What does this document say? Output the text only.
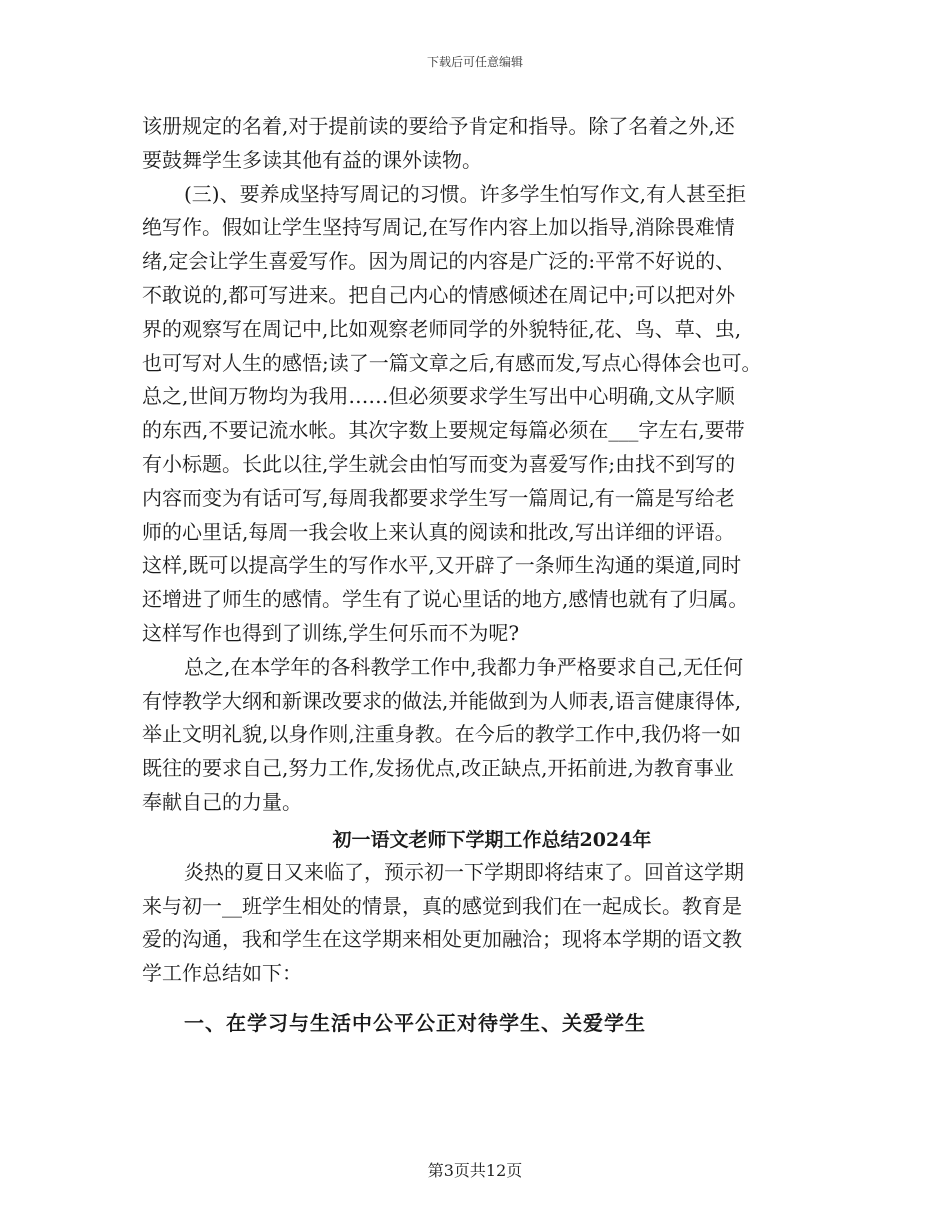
下载后可任意编辑
该册规定的名着,对于提前读的要给予肯定和指导。除了名着之外,还
要鼓舞学生多读其他有益的课外读物。
(三)、要养成坚持写周记的习惯。许多学生怕写作文,有人甚至拒
绝写作。假如让学生坚持写周记,在写作内容上加以指导,消除畏难情
绪,定会让学生喜爱写作。因为周记的内容是广泛的:平常不好说的、
不敢说的,都可写进来。把自己内心的情感倾述在周记中;可以把对外
界的观察写在周记中,比如观察老师同学的外貌特征,花、鸟、草、虫,
也可写对人生的感悟;读了一篇文章之后,有感而发,写点心得体会也可。
总之,世间万物均为我用……但必须要求学生写出中心明确,文从字顺
的东西,不要记流水帐。其次字数上要规定每篇必须在___字左右,要带
有小标题。长此以往,学生就会由怕写而变为喜爱写作;由找不到写的
内容而变为有话可写,每周我都要求学生写一篇周记,有一篇是写给老
师的心里话,每周一我会收上来认真的阅读和批改,写出详细的评语。
这样,既可以提高学生的写作水平,又开辟了一条师生沟通的渠道,同时
还增进了师生的感情。学生有了说心里话的地方,感情也就有了归属。
这样写作也得到了训练,学生何乐而不为呢?
总之,在本学年的各科教学工作中,我都力争严格要求自己,无任何
有悖教学大纲和新课改要求的做法,并能做到为人师表,语言健康得体,
举止文明礼貌,以身作则,注重身教。在今后的教学工作中,我仍将一如
既往的要求自己,努力工作,发扬优点,改正缺点,开拓前进,为教育事业
奉献自己的力量。
初一语文老师下学期工作总结2024年
炎热的夏日又来临了，预示初一下学期即将结束了。回首这学期
来与初一__班学生相处的情景，真的感觉到我们在一起成长。教育是
爱的沟通，我和学生在这学期来相处更加融洽；现将本学期的语文教
学工作总结如下：
一、在学习与生活中公平公正对待学生、关爱学生
第3页共12页
